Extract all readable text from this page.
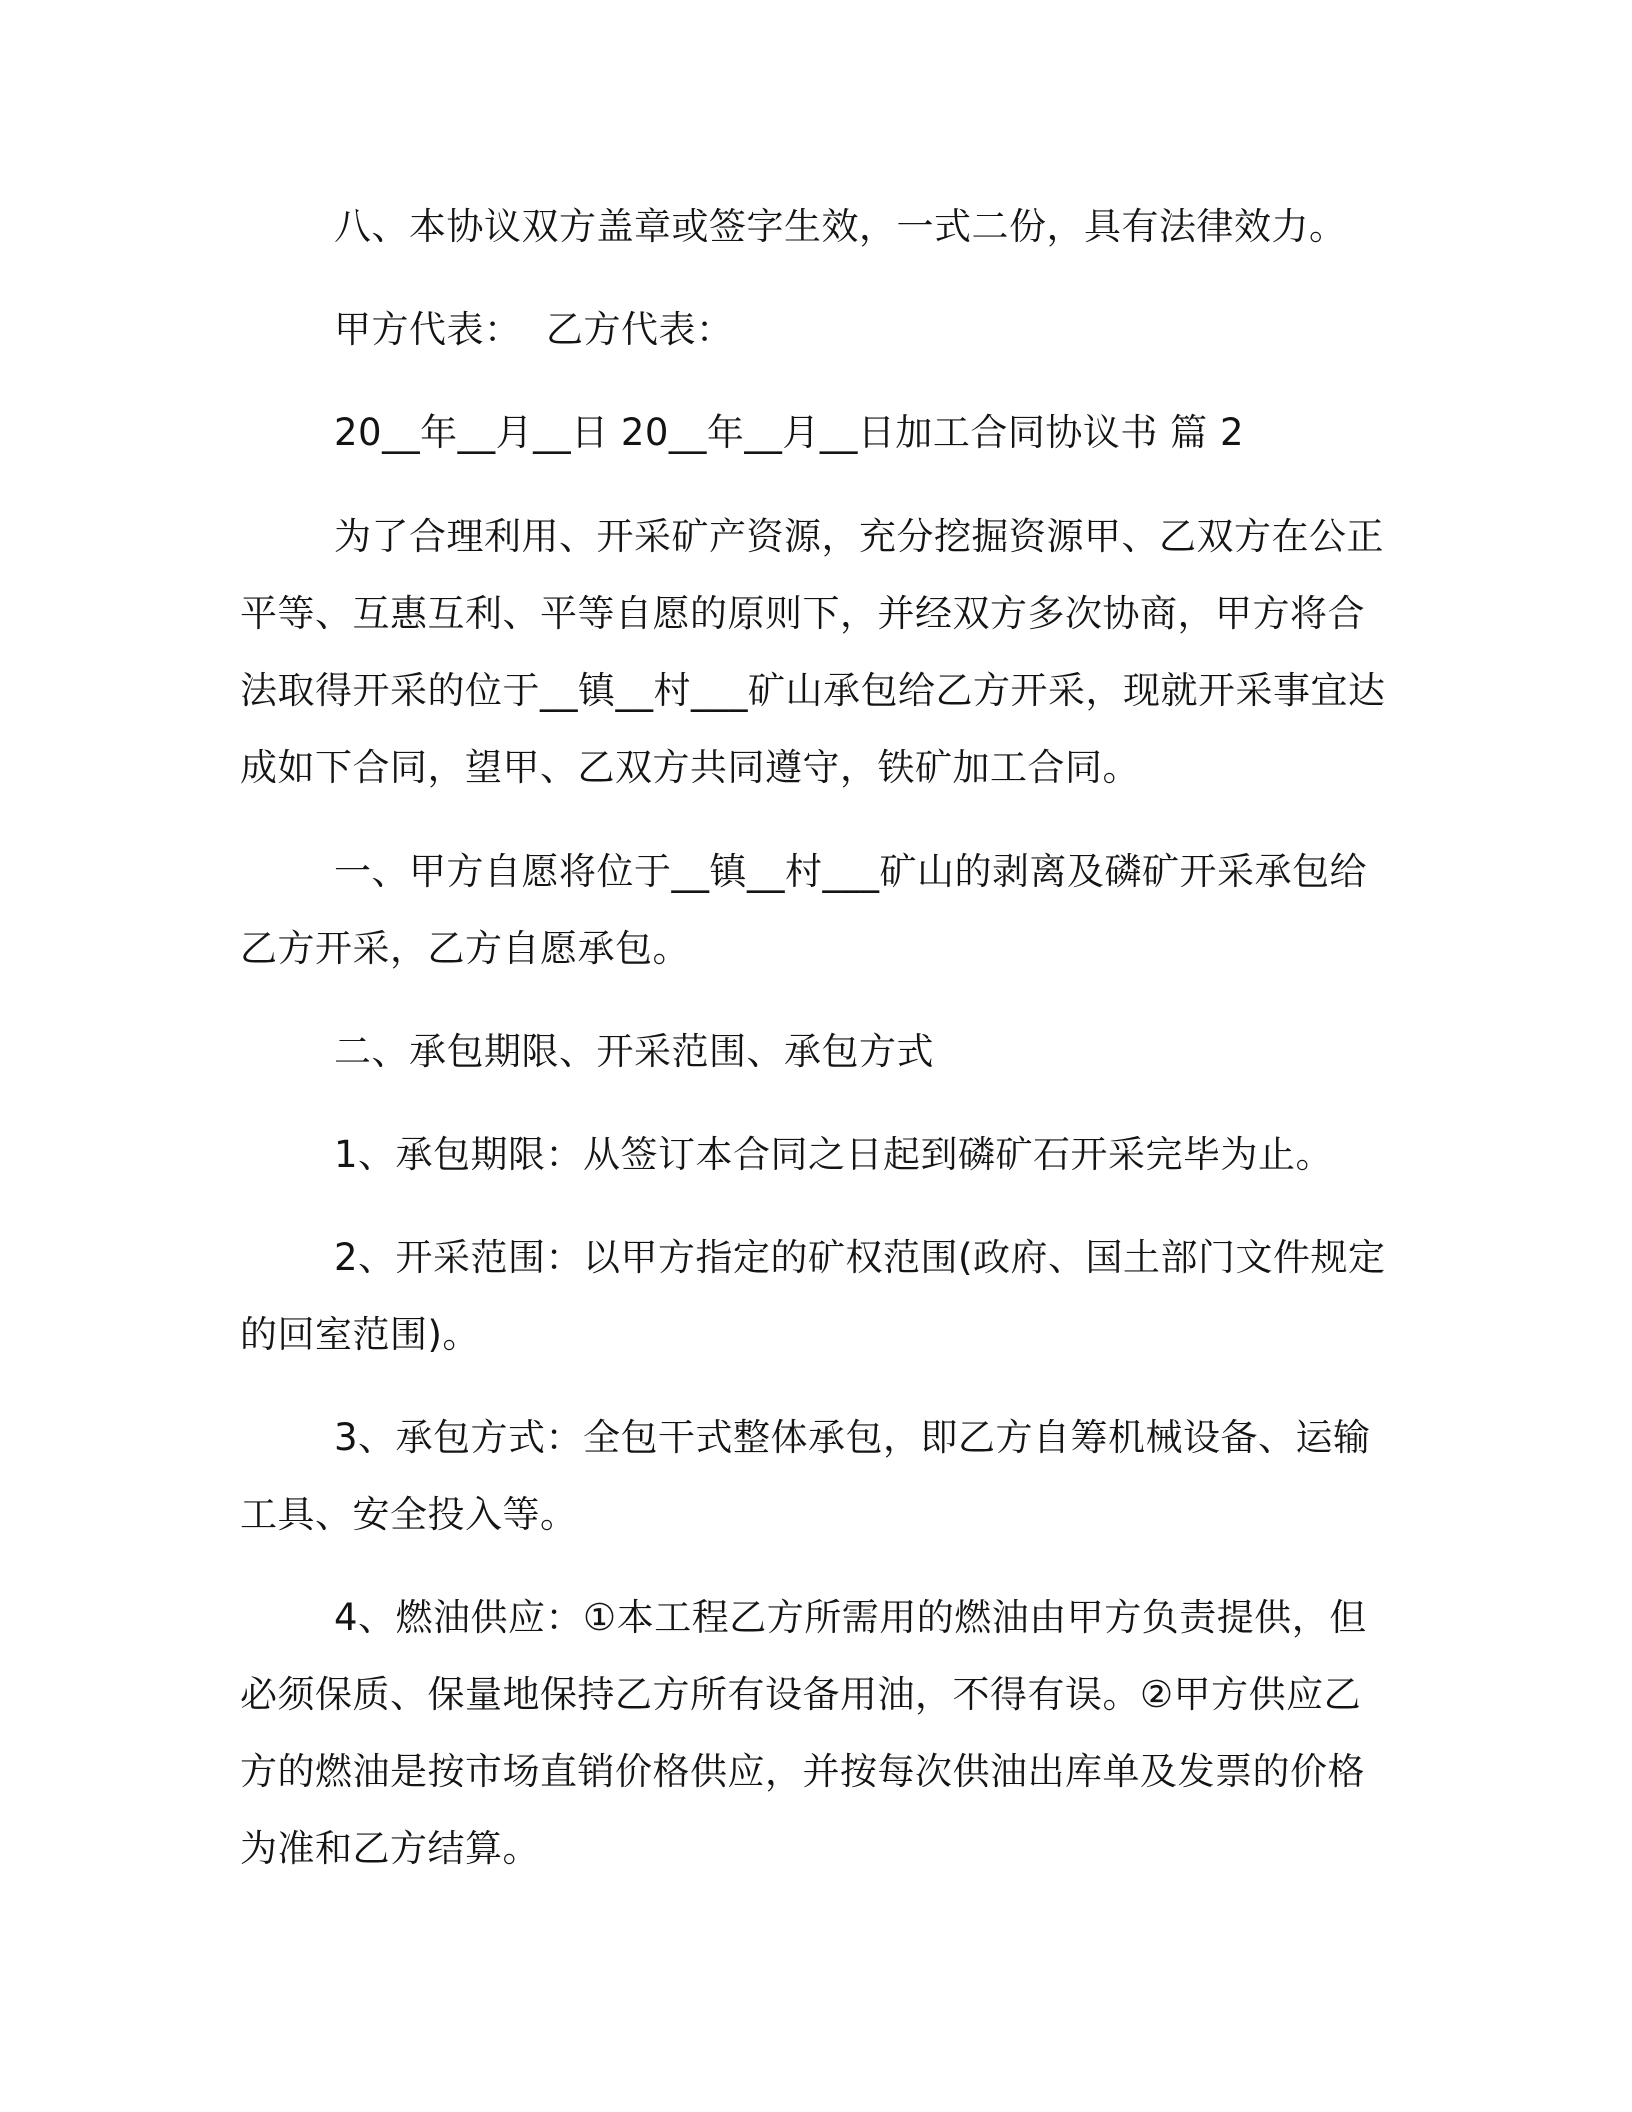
八、本协议双方盖章或签字生效，一式二份，具有法律效力。

甲方代表：  乙方代表：

20__年__月__日 20__年__月__日加工合同协议书 篇 2

为了合理利用、开采矿产资源，充分挖掘资源甲、乙双方在公正平等、互惠互利、平等自愿的原则下，并经双方多次协商，甲方将合法取得开采的位于__镇__村___矿山承包给乙方开采，现就开采事宜达成如下合同，望甲、乙双方共同遵守，铁矿加工合同。

一、甲方自愿将位于__镇__村___矿山的剥离及磷矿开采承包给乙方开采，乙方自愿承包。

二、承包期限、开采范围、承包方式

1、承包期限：从签订本合同之日起到磷矿石开采完毕为止。

2、开采范围：以甲方指定的矿权范围(政府、国土部门文件规定的回室范围)。

3、承包方式：全包干式整体承包，即乙方自筹机械设备、运输工具、安全投入等。

4、燃油供应：①本工程乙方所需用的燃油由甲方负责提供，但必须保质、保量地保持乙方所有设备用油，不得有误。②甲方供应乙方的燃油是按市场直销价格供应，并按每次供油出库单及发票的价格为准和乙方结算。
